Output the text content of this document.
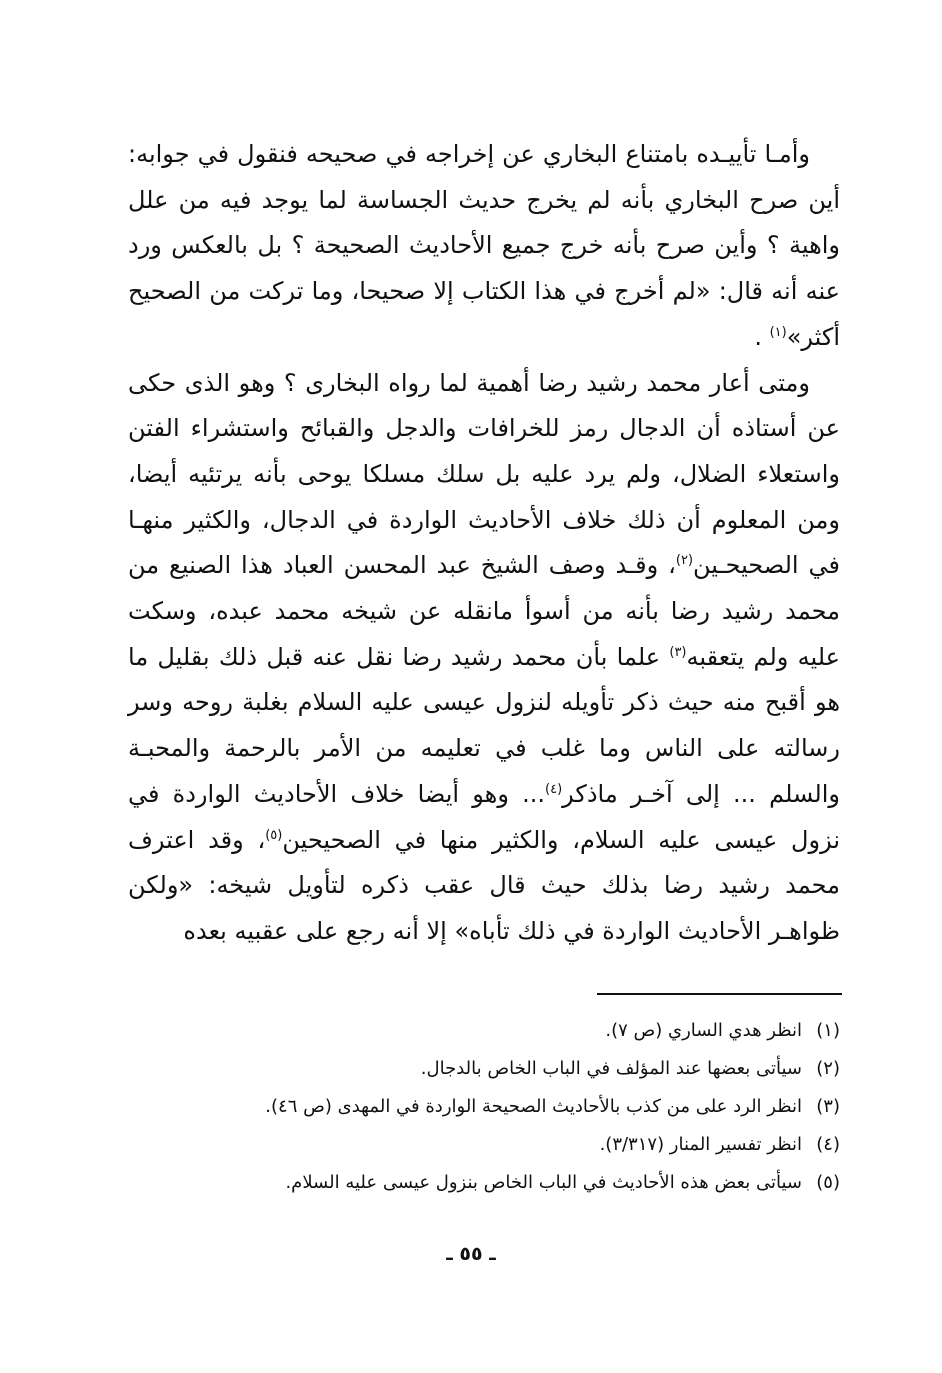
وأمـا تأييـده بامتناع البخاري عن إخراجه في صحيحه فنقول في جوابه: أين صرح البخاري بأنه لم يخرج حديث الجساسة لما يوجد فيه من علل واهية ؟ وأين صرح بأنه خرج جميع الأحاديث الصحيحة ؟ بل بالعكس ورد عنه أنه قال: «لم أخرج في هذا الكتاب إلا صحيحا، وما تركت من الصحيح أكثر»$^{(١)}$ .

ومتى أعار محمد رشيد رضا أهمية لما رواه البخارى ؟ وهو الذى حكى عن أستاذه أن الدجال رمز للخرافات والدجل والقبائح واستشراء الفتن واستعلاء الضلال، ولم يرد عليه بل سلك مسلكا يوحى بأنه يرتئيه أيضا، ومن المعلوم أن ذلك خلاف الأحاديث الواردة في الدجال، والكثير منهـا في الصحيحـين$^{(٢)}$، وقـد وصف الشيخ عبد المحسن العباد هذا الصنيع من محمد رشيد رضا بأنه من أسوأ مانقله عن شيخه محمد عبده، وسكت عليه ولم يتعقبه$^{(٣)}$ علما بأن محمد رشيد رضا نقل عنه قبل ذلك بقليل ما هو أقبح منه حيث ذكر تأويله لنزول عيسى عليه السلام بغلبة روحه وسر رسالته على الناس وما غلب في تعليمه من الأمر بالرحمة والمحبـة والسلم ... إلى آخـر ماذكر$^{(٤)}$... وهو أيضا خلاف الأحاديث الواردة في نزول عيسى عليه السلام، والكثير منها في الصحيحين$^{(٥)}$، وقد اعترف محمد رشيد رضا بذلك حيث قال عقب ذكره لتأويل شيخه: «ولكن ظواهـر الأحاديث الواردة في ذلك تأباه» إلا أنه رجع على عقبيه بعده

(١)
انظر هدي الساري (ص ٧).
(٢)
سيأتى بعضها عند المؤلف في الباب الخاص بالدجال.
(٣)
انظر الرد على من كذب بالأحاديث الصحيحة الواردة في المهدى (ص ٤٦).
(٤)
انظر تفسير المنار (٣/٣١٧).
(٥)
سيأتى بعض هذه الأحاديث في الباب الخاص بنزول عيسى عليه السلام.
ـ ٥٥ ـ
